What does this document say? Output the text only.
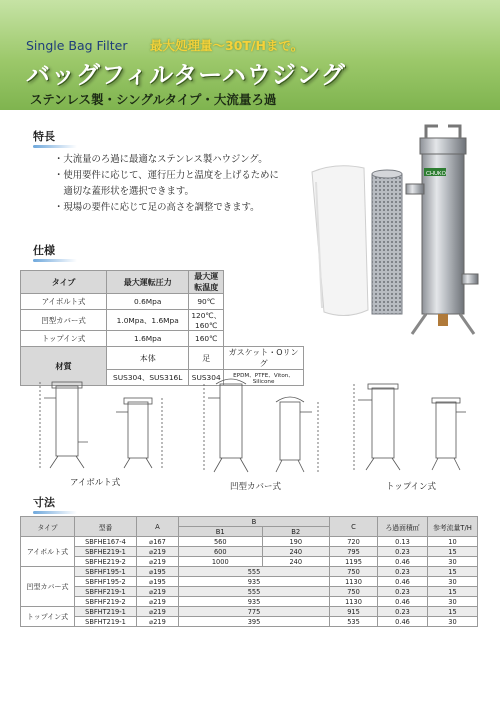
Single Bag Filter 最大処理量～30T/Hまで。
バッグフィルターハウジング
ステンレス製・シングルタイプ・大流量ろ過
特長
・大流量のろ過に最適なステンレス製ハウジング。
・使用要件に応じて、運行圧力と温度を上げるために
　適切な蓋形状を選択できます。
・現場の要件に応じて足の高さを調整できます。
CHUKO
仕様
タイプ	最大運転圧力	最大運転温度	
アイボルト式	0.6Mpa	90℃	
凹型カバー式	1.0Mpa、1.6Mpa	120℃、160℃	
トップイン式	1.6Mpa	160℃	
材質	本体	足	ガスケット・Oリング
	SUS304、SUS316L	SUS304	EPDM、PTFE、Viton、Silicone
アイボルト式	凹型カバー式	トップイン式
寸法
タイプ	型番	A	B		C	ろ過面積㎡	参考流量T/H
			B1	B2			
アイボルト式	SBFHE167-4	⌀167	560	190	720	0.13	10
	SBFHE219-1	⌀219	600	240	795	0.23	15
	SBFHE219-2	⌀219	1000	240	1195	0.46	30
凹型カバー式	SBFHF195-1	⌀195	555		750	0.23	15
	SBFHF195-2	⌀195	935		1130	0.46	30
	SBFHF219-1	⌀219	555		750	0.23	15
	SBFHF219-2	⌀219	935		1130	0.46	30
トップイン式	SBFHT219-1	⌀219	775		915	0.23	15
	SBFHT219-1	⌀219	395		535	0.46	30
